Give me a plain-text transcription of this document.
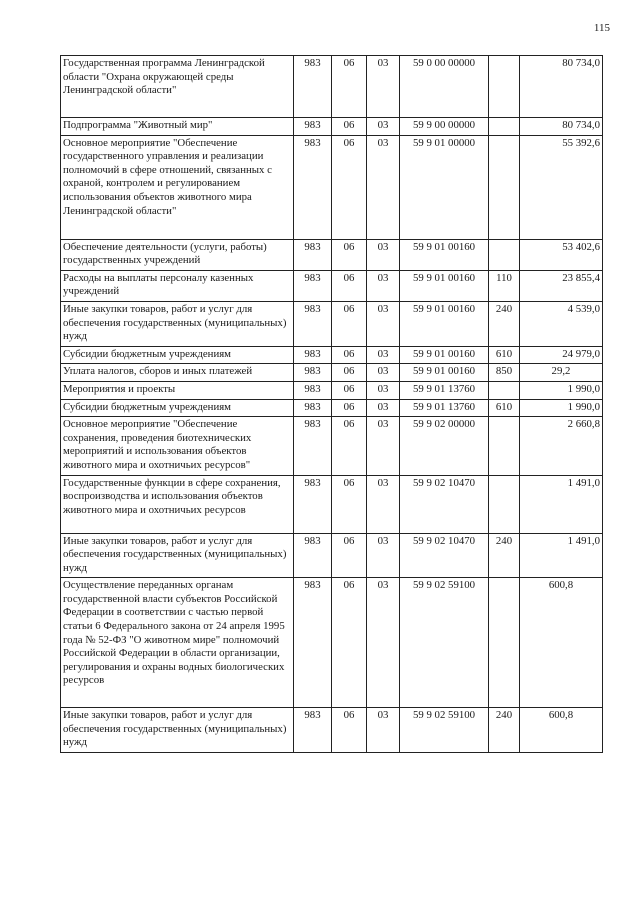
115
Государственная программа Ленинградской области "Охрана окружающей среды Ленинградской области"	983	06	03	59 0 00 00000		80 734,0
Подпрограмма "Животный мир"	983	06	03	59 9 00 00000		80 734,0
Основное мероприятие "Обеспечение государственного управления и реализации полномочий в сфере отношений, связанных с охраной, контролем и регулированием использования объектов животного мира Ленинградской области"	983	06	03	59 9 01 00000		55 392,6
Обеспечение деятельности (услуги, работы) государственных учреждений	983	06	03	59 9 01 00160		53 402,6
Расходы на выплаты персоналу казенных учреждений	983	06	03	59 9 01 00160	110	23 855,4
Иные закупки товаров, работ и услуг для обеспечения государственных (муниципальных) нужд	983	06	03	59 9 01 00160	240	4 539,0
Субсидии бюджетным учреждениям	983	06	03	59 9 01 00160	610	24 979,0
Уплата налогов, сборов и иных платежей	983	06	03	59 9 01 00160	850	29,2
Мероприятия и проекты	983	06	03	59 9 01 13760		1 990,0
Субсидии бюджетным учреждениям	983	06	03	59 9 01 13760	610	1 990,0
Основное мероприятие "Обеспечение сохранения, проведения биотехнических мероприятий и использования объектов животного мира и охотничьих ресурсов"	983	06	03	59 9 02 00000		2 660,8
Государственные функции в сфере сохранения, воспроизводства и использования объектов животного мира и охотничьих ресурсов	983	06	03	59 9 02 10470		1 491,0
Иные закупки товаров, работ и услуг для обеспечения государственных (муниципальных) нужд	983	06	03	59 9 02 10470	240	1 491,0
Осуществление переданных органам государственной власти субъектов Российской Федерации в соответствии с частью первой статьи 6 Федерального закона от 24 апреля 1995 года № 52-ФЗ "О животном мире" полномочий Российской Федерации в области организации, регулирования и охраны водных биологических ресурсов	983	06	03	59 9 02 59100		600,8
Иные закупки товаров, работ и услуг для обеспечения государственных (муниципальных) нужд	983	06	03	59 9 02 59100	240	600,8
